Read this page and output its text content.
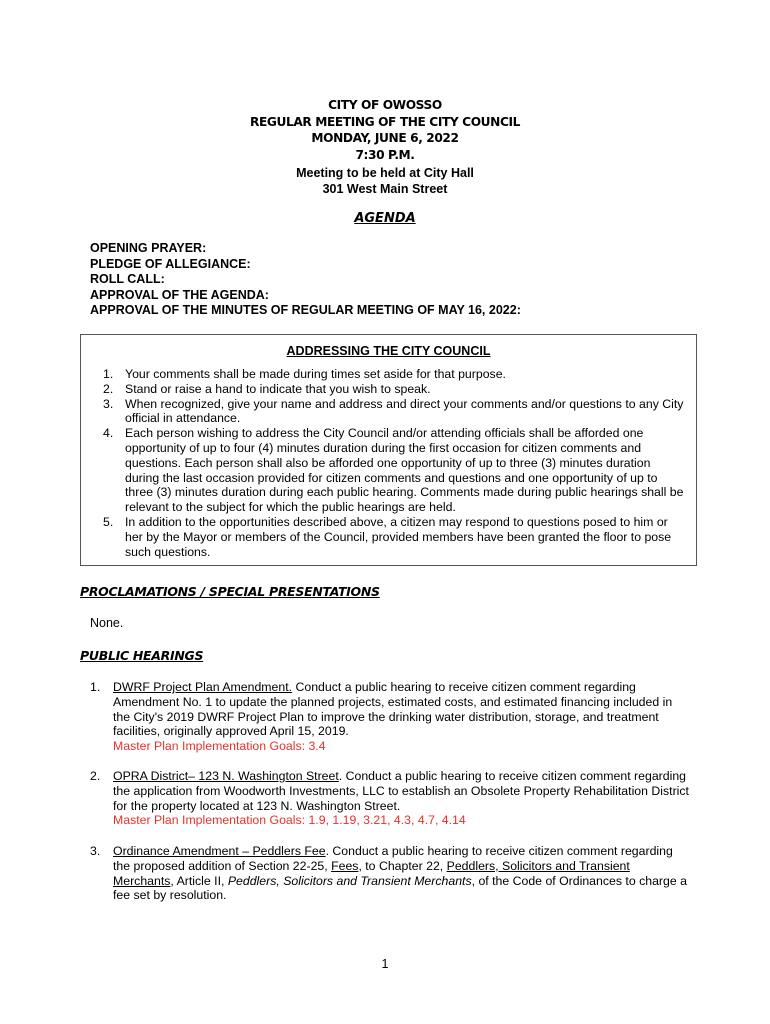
CITY OF OWOSSO
REGULAR MEETING OF THE CITY COUNCIL
MONDAY, JUNE 6, 2022
7:30 P.M.
Meeting to be held at City Hall
301 West Main Street
AGENDA
OPENING PRAYER:
PLEDGE OF ALLEGIANCE:
ROLL CALL:
APPROVAL OF THE AGENDA:
APPROVAL OF THE MINUTES OF REGULAR MEETING OF MAY 16, 2022:
ADDRESSING THE CITY COUNCIL
1. Your comments shall be made during times set aside for that purpose.
2. Stand or raise a hand to indicate that you wish to speak.
3. When recognized, give your name and address and direct your comments and/or questions to any City official in attendance.
4. Each person wishing to address the City Council and/or attending officials shall be afforded one opportunity of up to four (4) minutes duration during the first occasion for citizen comments and questions. Each person shall also be afforded one opportunity of up to three (3) minutes duration during the last occasion provided for citizen comments and questions and one opportunity of up to three (3) minutes duration during each public hearing. Comments made during public hearings shall be relevant to the subject for which the public hearings are held.
5. In addition to the opportunities described above, a citizen may respond to questions posed to him or her by the Mayor or members of the Council, provided members have been granted the floor to pose such questions.
PROCLAMATIONS / SPECIAL PRESENTATIONS
None.
PUBLIC HEARINGS
1. DWRF Project Plan Amendment. Conduct a public hearing to receive citizen comment regarding Amendment No. 1 to update the planned projects, estimated costs, and estimated financing included in the City's 2019 DWRF Project Plan to improve the drinking water distribution, storage, and treatment facilities, originally approved April 15, 2019.
Master Plan Implementation Goals: 3.4
2. OPRA District– 123 N. Washington Street. Conduct a public hearing to receive citizen comment regarding the application from Woodworth Investments, LLC to establish an Obsolete Property Rehabilitation District for the property located at 123 N. Washington Street.
Master Plan Implementation Goals: 1.9, 1.19, 3.21, 4.3, 4.7, 4.14
3. Ordinance Amendment – Peddlers Fee. Conduct a public hearing to receive citizen comment regarding the proposed addition of Section 22-25, Fees, to Chapter 22, Peddlers, Solicitors and Transient Merchants, Article II, Peddlers, Solicitors and Transient Merchants, of the Code of Ordinances to charge a fee set by resolution.
1
